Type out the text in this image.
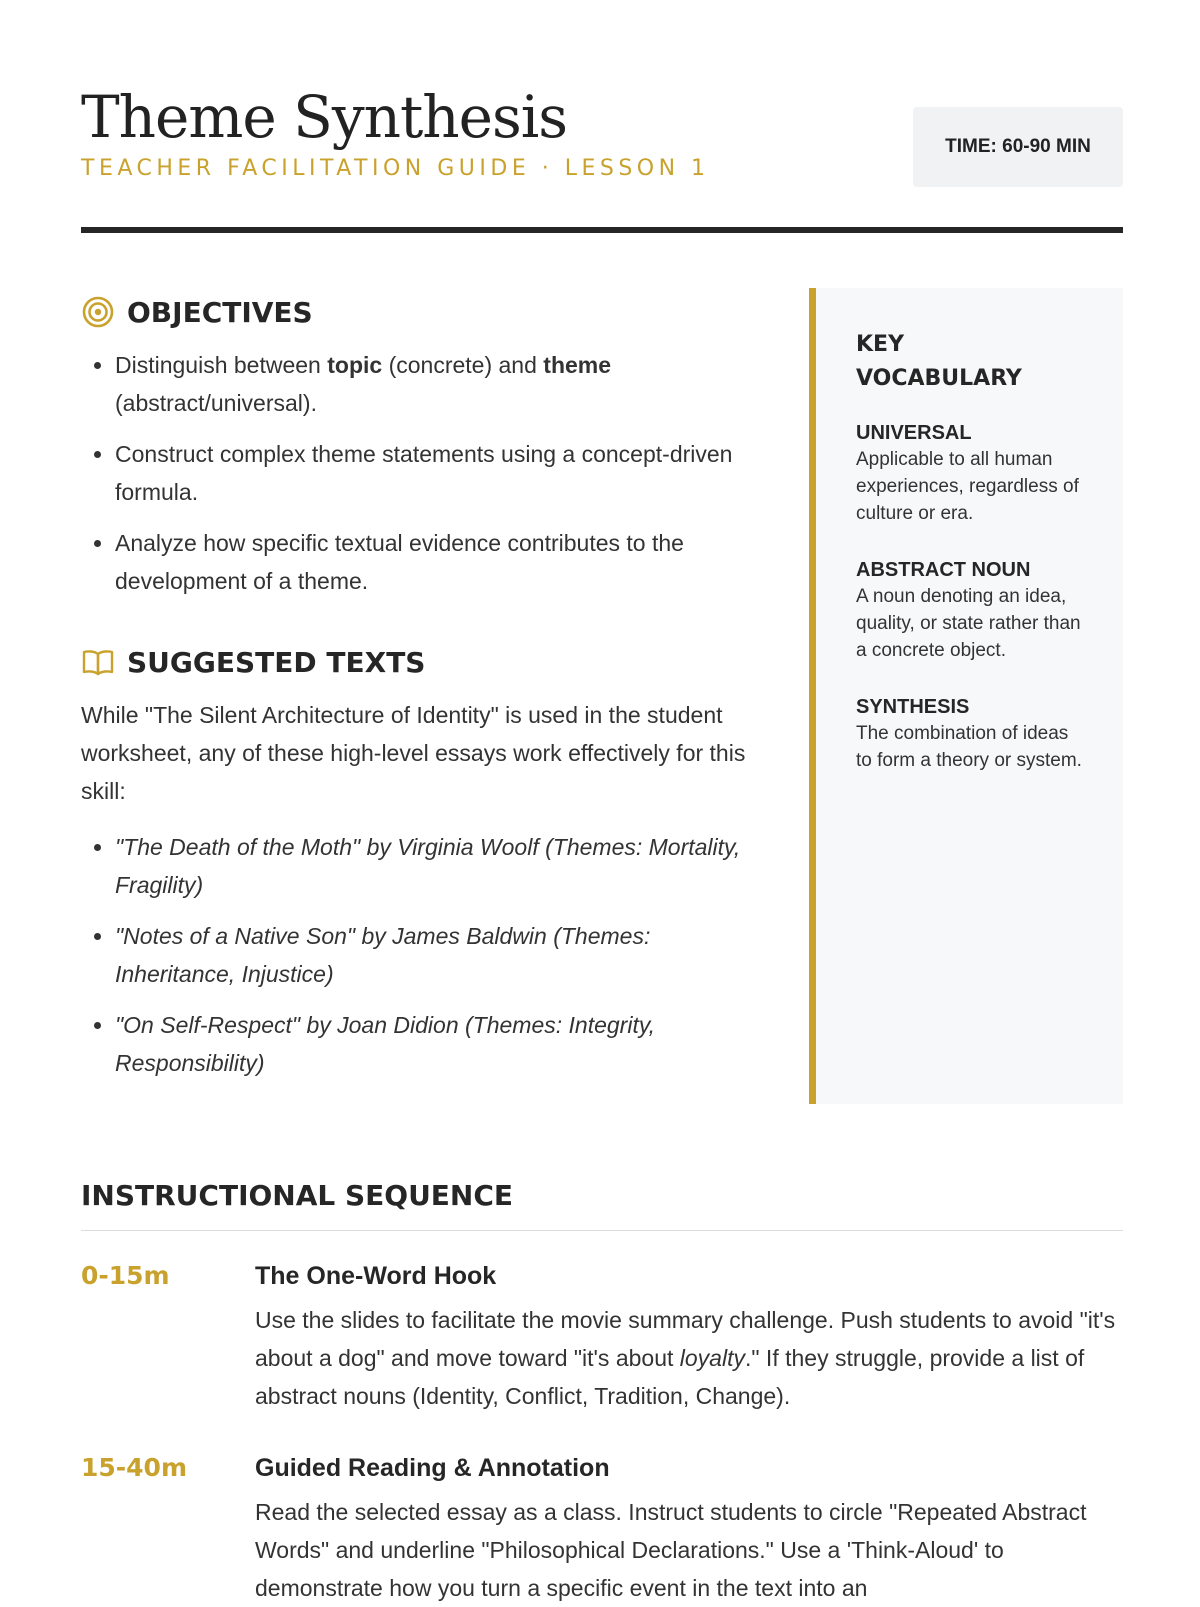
Theme Synthesis
TEACHER FACILITATION GUIDE · LESSON 1
TIME: 60-90 MIN
OBJECTIVES
• Distinguish between topic (concrete) and theme (abstract/universal).
• Construct complex theme statements using a concept-driven formula.
• Analyze how specific textual evidence contributes to the development of a theme.
SUGGESTED TEXTS

While "The Silent Architecture of Identity" is used in the student worksheet, any of these high-level essays work effectively for this skill:

• "The Death of the Moth" by Virginia Woolf (Themes: Mortality, Fragility)
• "Notes of a Native Son" by James Baldwin (Themes: Inheritance, Injustice)
• "On Self-Respect" by Joan Didion (Themes: Integrity, Responsibility)
KEY VOCABULARY
UNIVERSAL
Applicable to all human experiences, regardless of culture or era.
ABSTRACT NOUN
A noun denoting an idea, quality, or state rather than a concrete object.
SYNTHESIS
The combination of ideas to form a theory or system.
INSTRUCTIONAL SEQUENCE
0-15m	The One-Word Hook
Use the slides to facilitate the movie summary challenge. Push students to avoid "it's about a dog" and move toward "it's about loyalty." If they struggle, provide a list of abstract nouns (Identity, Conflict, Tradition, Change).
15-40m	Guided Reading & Annotation
Read the selected essay as a class. Instruct students to circle "Repeated Abstract Words" and underline "Philosophical Declarations." Use a 'Think-Aloud' to demonstrate how you turn a specific event in the text into an
